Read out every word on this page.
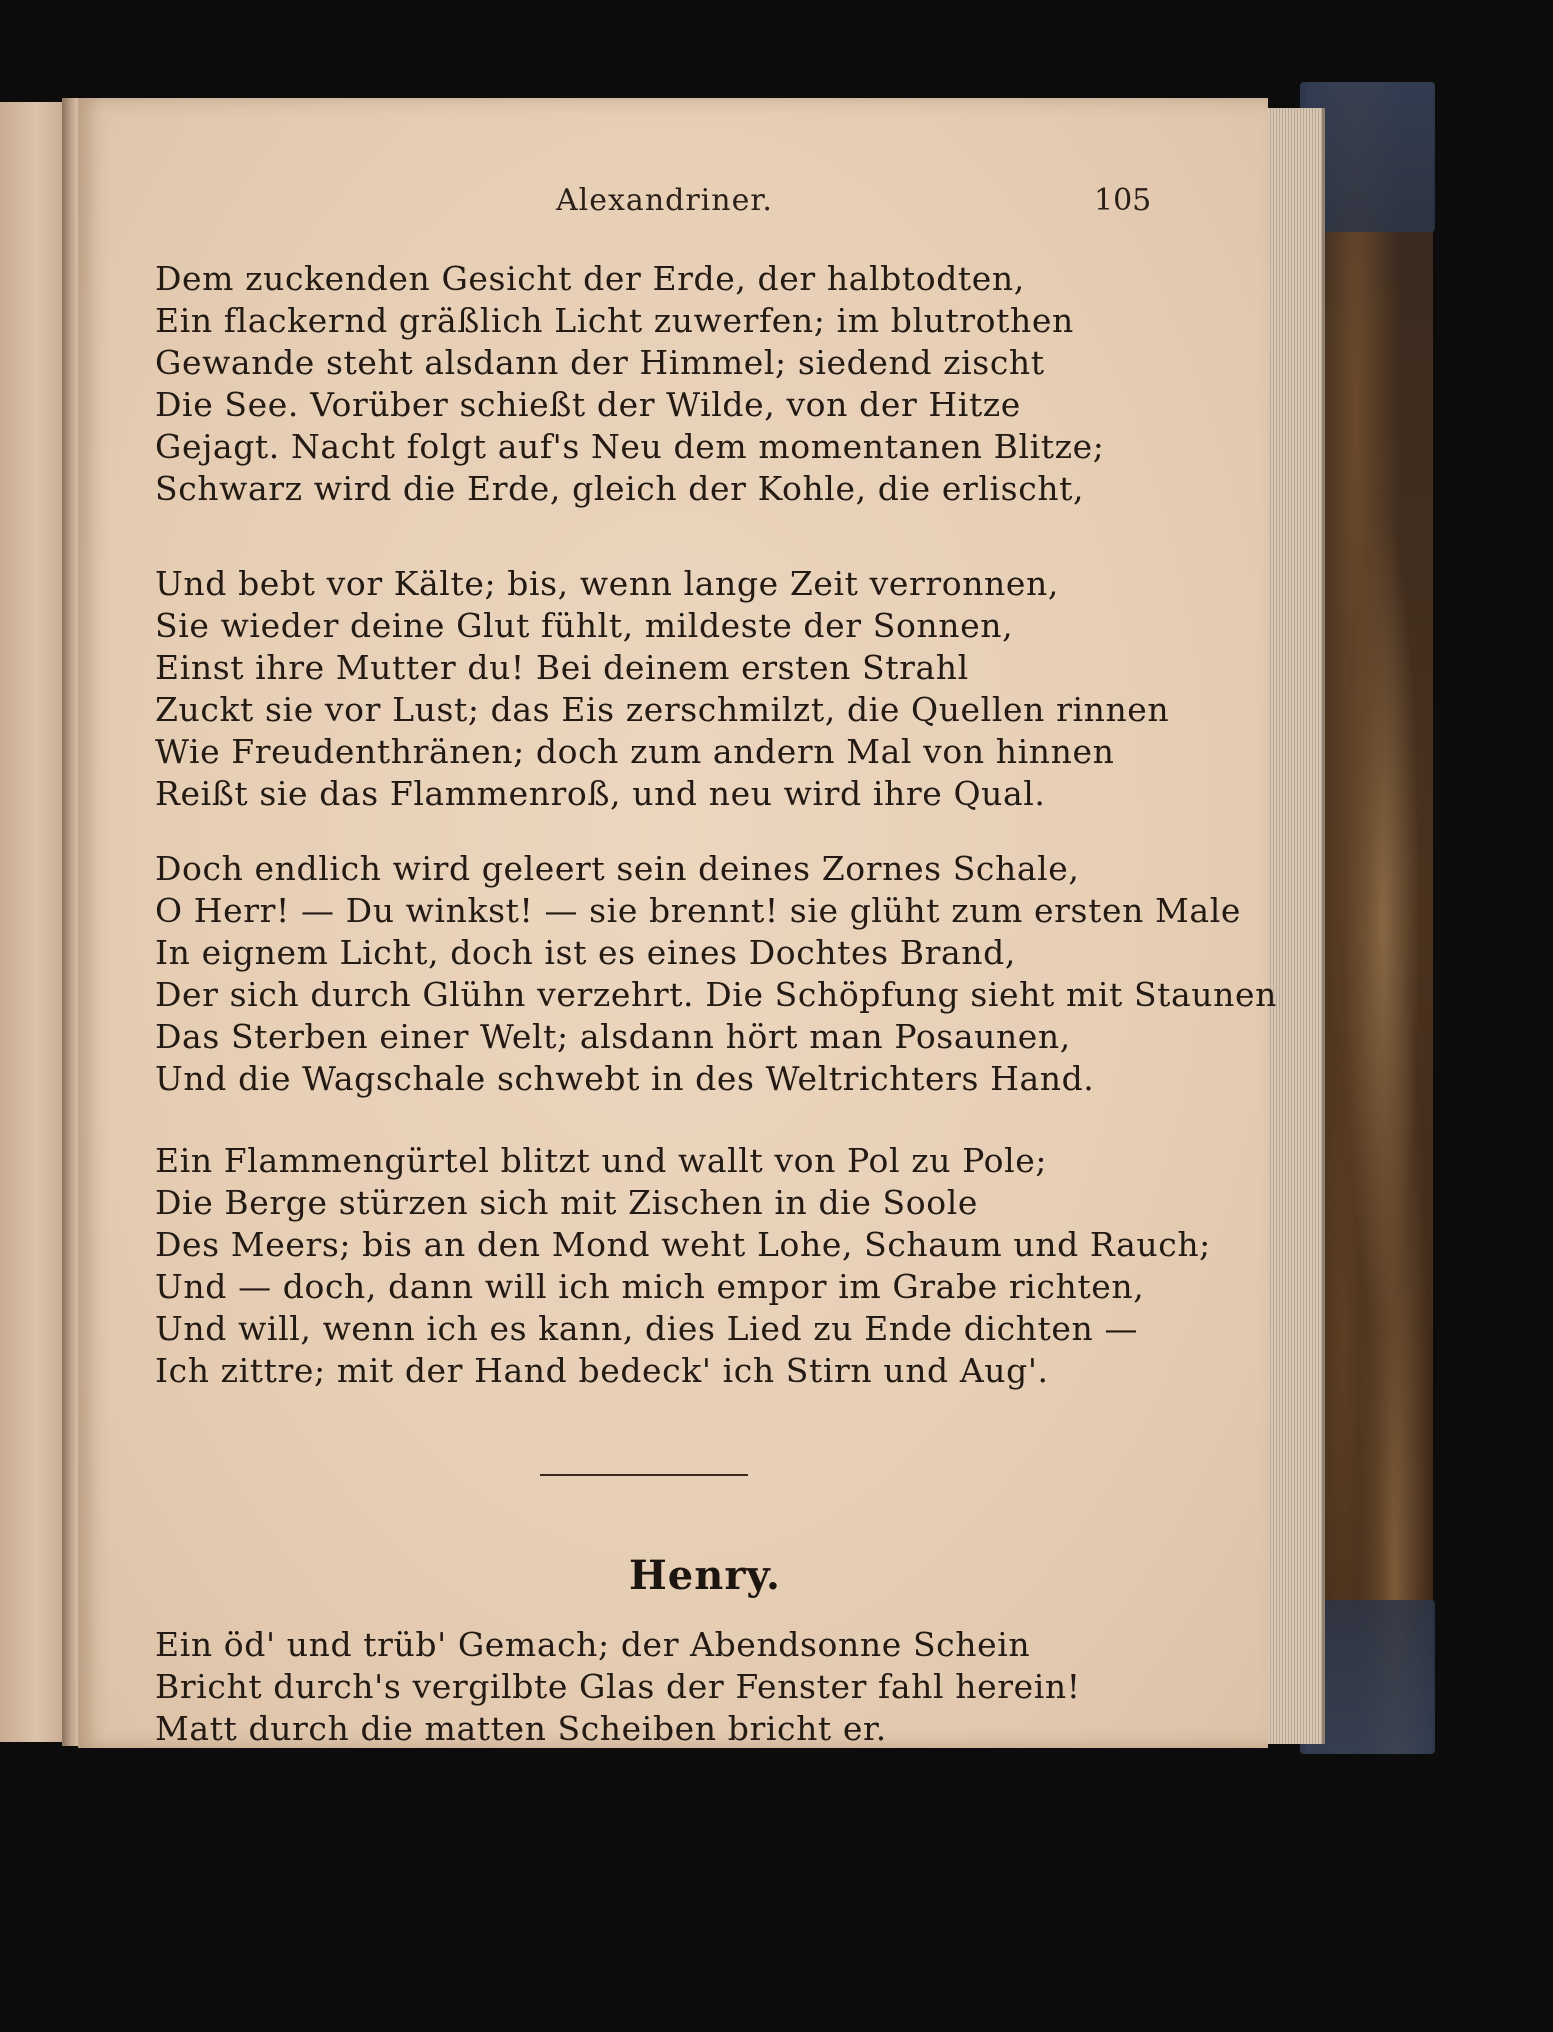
Alexandriner.	105
Dem zuckenden Gesicht der Erde, der halbtodten,
Ein flackernd gräßlich Licht zuwerfen; im blutrothen
Gewande steht alsdann der Himmel; siedend zischt
Die See. Vorüber schießt der Wilde, von der Hitze
Gejagt. Nacht folgt auf's Neu dem momentanen Blitze;
Schwarz wird die Erde, gleich der Kohle, die erlischt,
Und bebt vor Kälte; bis, wenn lange Zeit verronnen,
Sie wieder deine Glut fühlt, mildeste der Sonnen,
Einst ihre Mutter du! Bei deinem ersten Strahl
Zuckt sie vor Lust; das Eis zerschmilzt, die Quellen rinnen
Wie Freudenthränen; doch zum andern Mal von hinnen
Reißt sie das Flammenroß, und neu wird ihre Qual.
Doch endlich wird geleert sein deines Zornes Schale,
O Herr! — Du winkst! — sie brennt! sie glüht zum ersten Male
In eignem Licht, doch ist es eines Dochtes Brand,
Der sich durch Glühn verzehrt. Die Schöpfung sieht mit Staunen
Das Sterben einer Welt; alsdann hört man Posaunen,
Und die Wagschale schwebt in des Weltrichters Hand.
Ein Flammengürtel blitzt und wallt von Pol zu Pole;
Die Berge stürzen sich mit Zischen in die Soole
Des Meers; bis an den Mond weht Lohe, Schaum und Rauch;
Und — doch, dann will ich mich empor im Grabe richten,
Und will, wenn ich es kann, dies Lied zu Ende dichten —
Ich zittre; mit der Hand bedeck' ich Stirn und Aug'.
Henry.
Ein öd' und trüb' Gemach; der Abendsonne Schein
Bricht durch's vergilbte Glas der Fenster fahl herein!
Matt durch die matten Scheiben bricht er.
